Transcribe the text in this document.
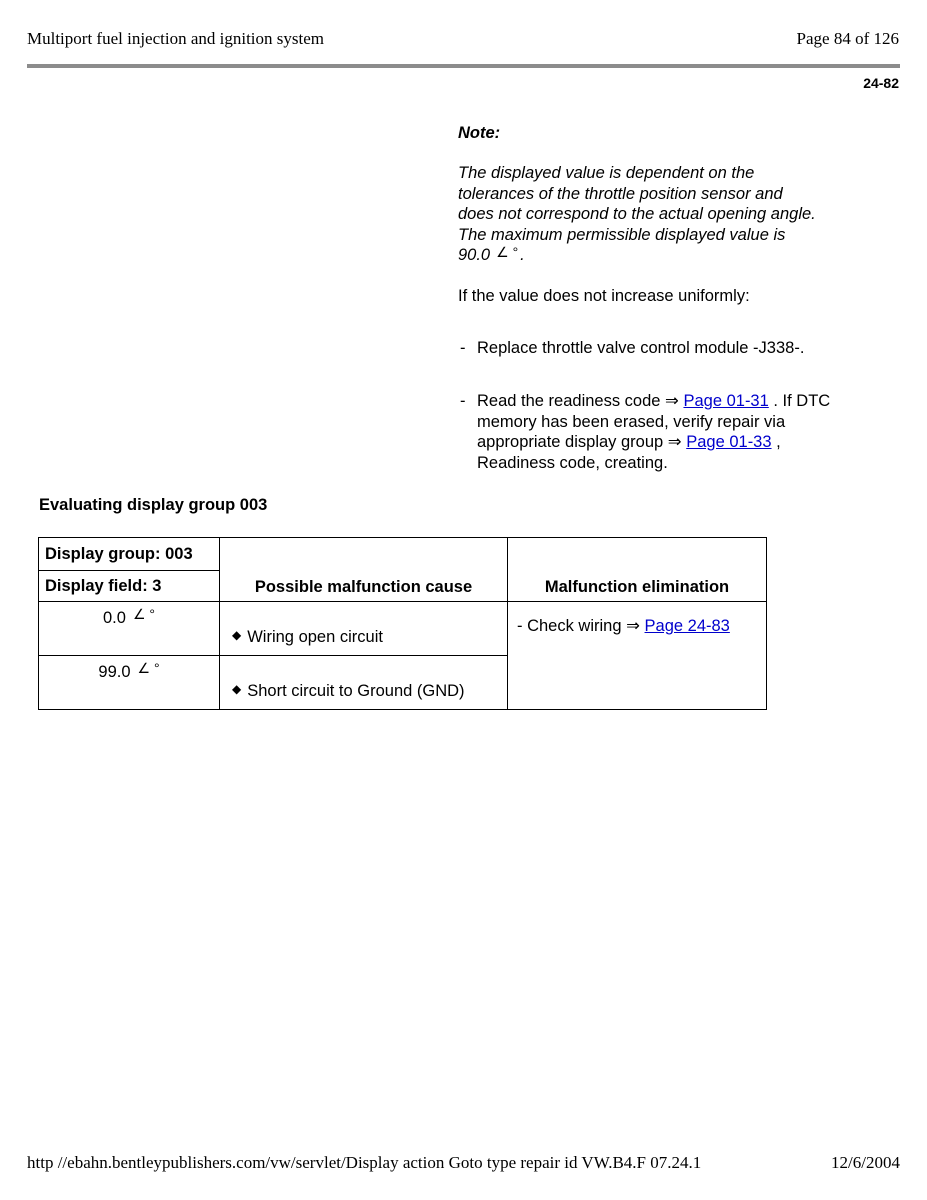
Multiport fuel injection and ignition system	Page 84 of 126
24-82
Note:
The displayed value is dependent on the
tolerances of the throttle position sensor and
does not correspond to the actual opening angle.
The maximum permissible displayed value is
90.0 ∠ ° .
If the value does not increase uniformly:
- Replace throttle valve control module -J338-.
- Read the readiness code ⇒ Page 01-31 . If DTC
memory has been erased, verify repair via
appropriate display group ⇒ Page 01-33 ,
Readiness code, creating.
Evaluating display group 003
Display group: 003	Possible malfunction cause	Malfunction elimination
Display field: 3		
0.0 ∠ °	◆ Wiring open circuit	- Check wiring ⇒ Page 24-83
99.0 ∠ °	◆ Short circuit to Ground (GND)	
http //ebahn.bentleypublishers.com/vw/servlet/Display action Goto type repair id VW.B4.F 07.24.1	12/6/2004
